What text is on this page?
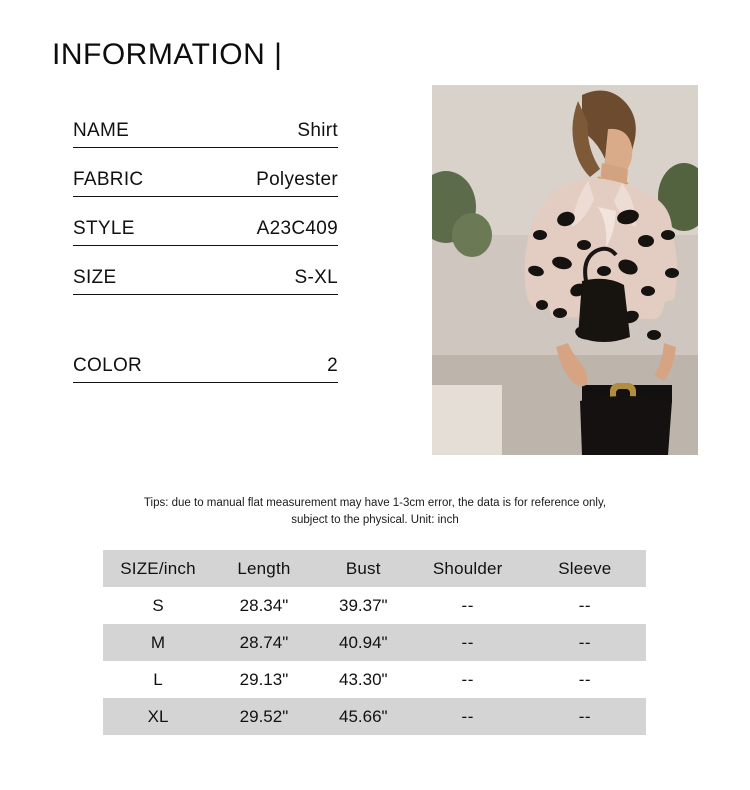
INFORMATION |
NAME	Shirt
FABRIC	Polyester
STYLE	A23C409
SIZE	S-XL
COLOR	2
Tips: due to manual flat measurement may have 1-3cm error, the data is for reference only,
subject to the physical. Unit: inch
SIZE/inch	Length	Bust	Shoulder	Sleeve
S	28.34"	39.37"	--	--
M	28.74"	40.94"	--	--
L	29.13"	43.30"	--	--
XL	29.52"	45.66"	--	--
